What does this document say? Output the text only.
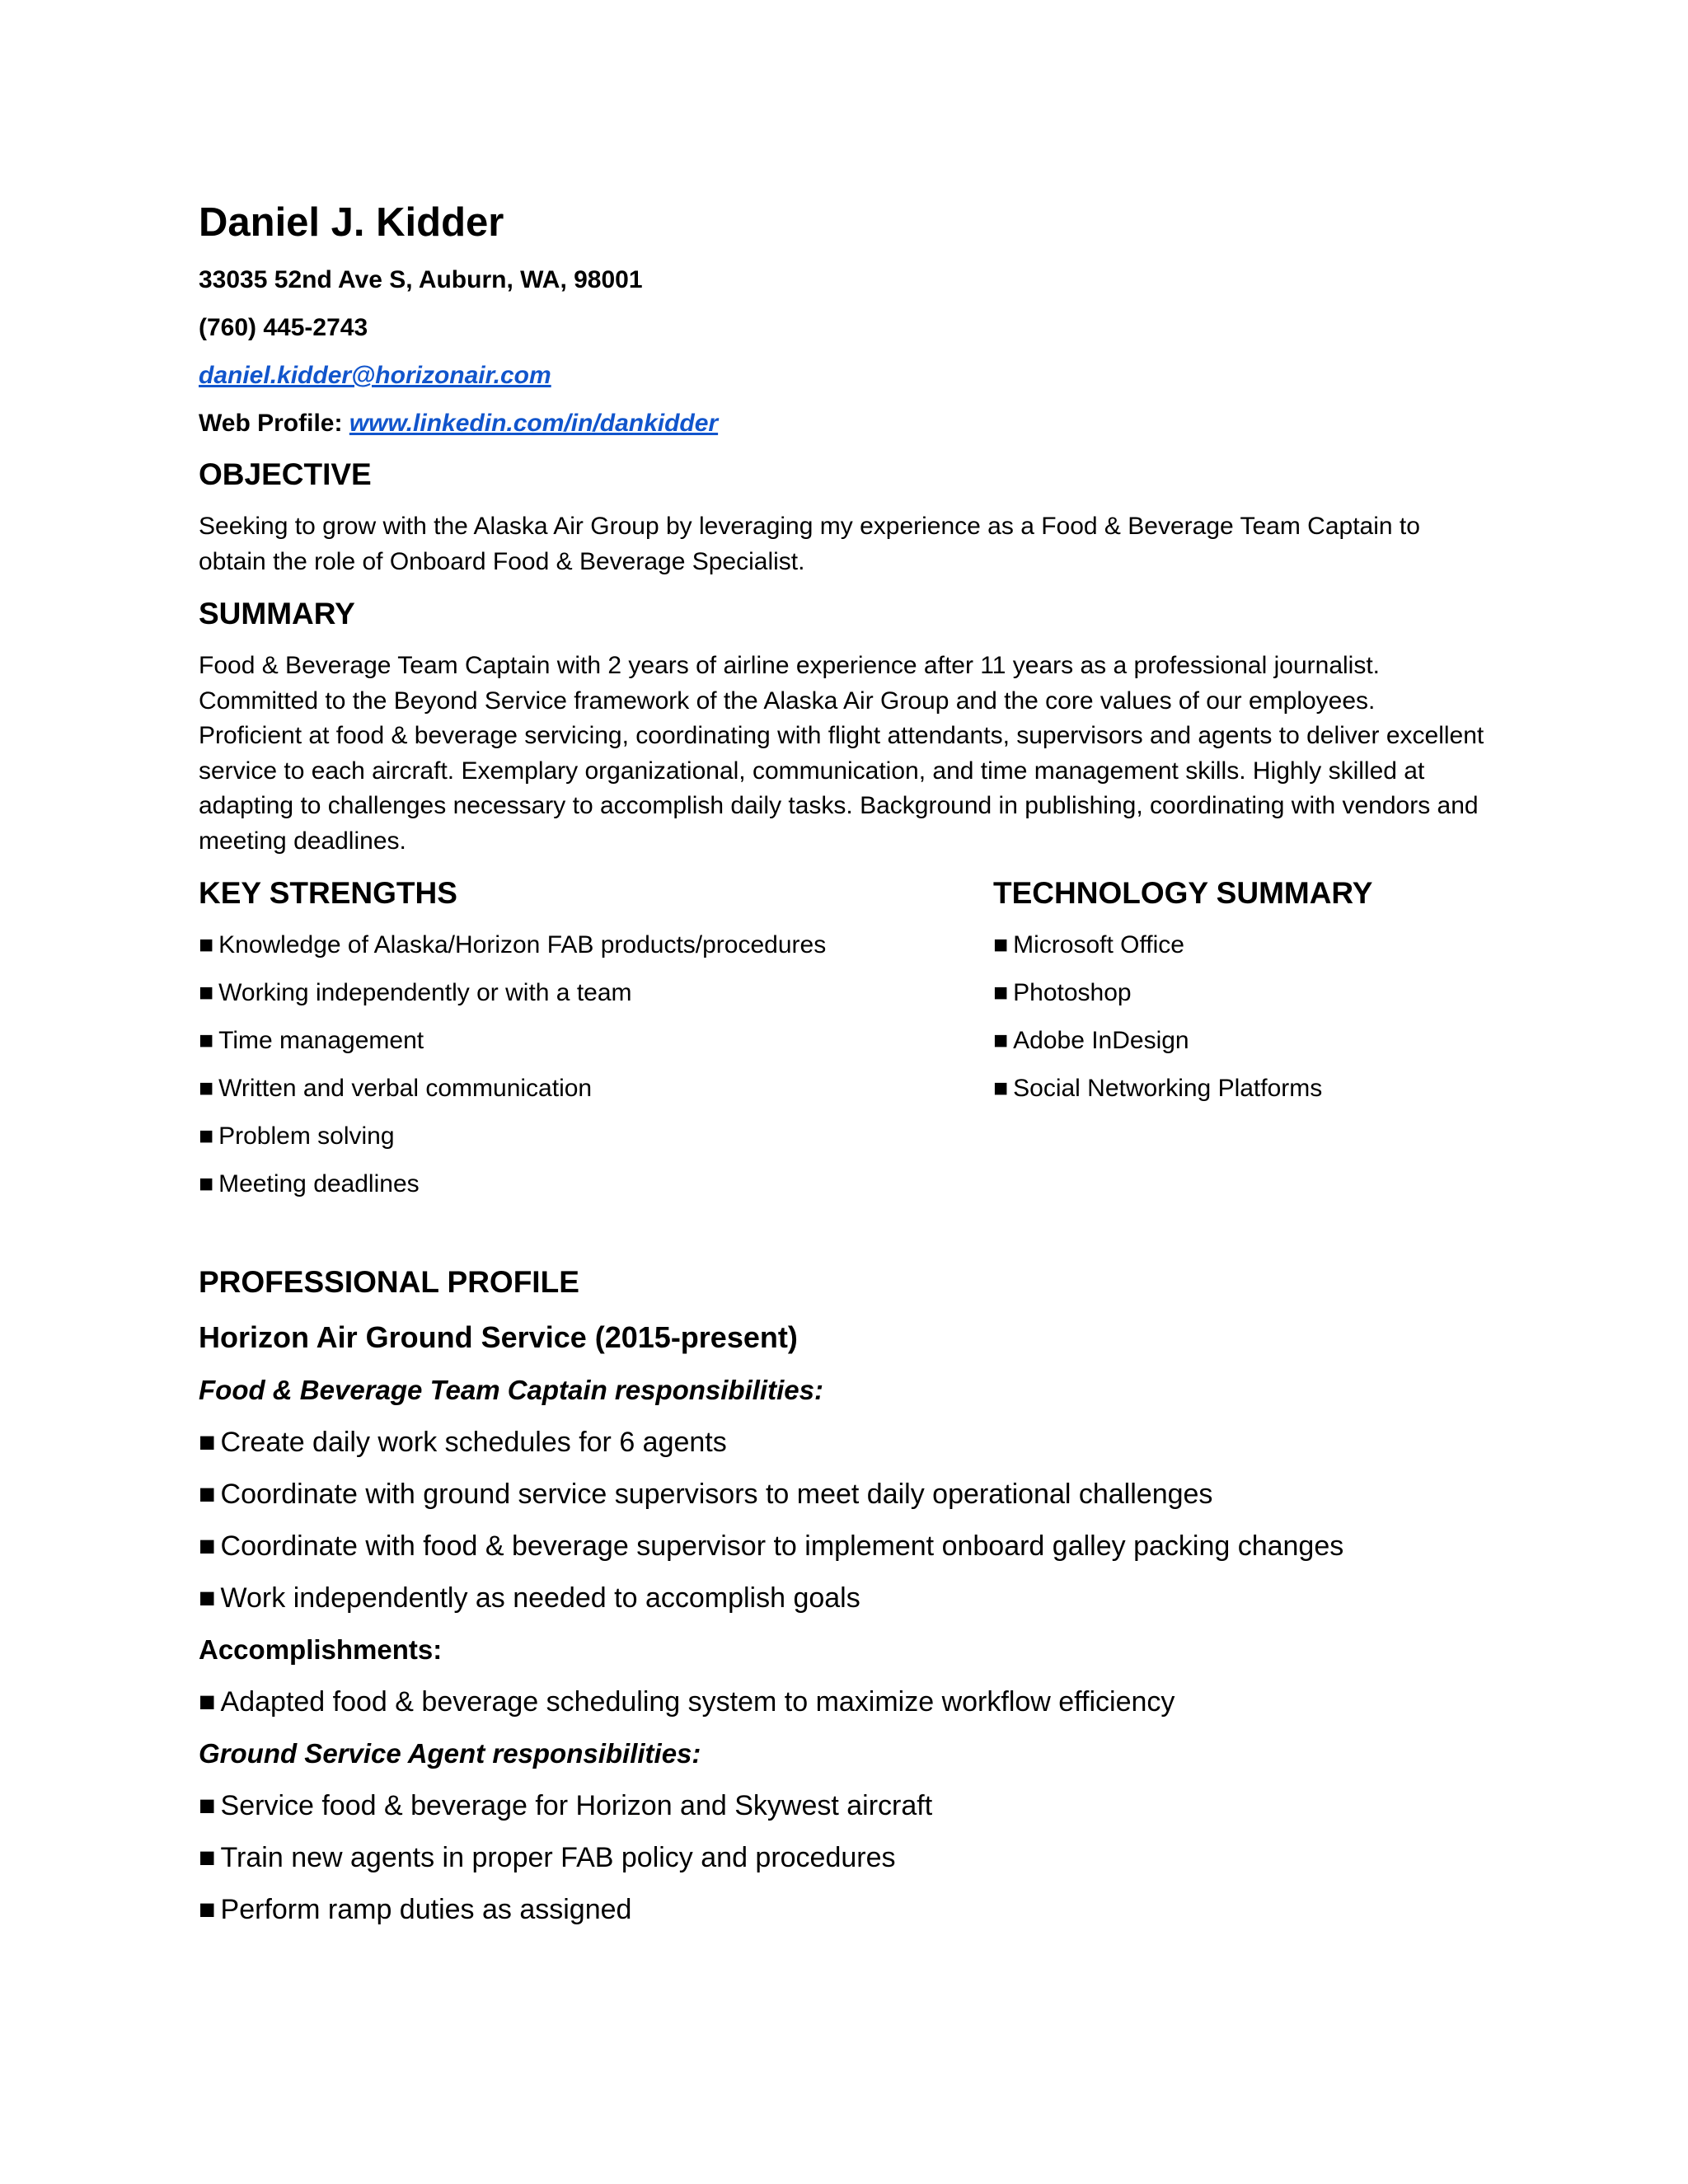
Daniel J. Kidder
33035 52nd Ave S, Auburn, WA, 98001
(760) 445-2743
daniel.kidder@horizonair.com
Web Profile: www.linkedin.com/in/dankidder
OBJECTIVE
Seeking to grow with the Alaska Air Group by leveraging my experience as a Food & Beverage Team Captain to
obtain the role of Onboard Food & Beverage Specialist.
SUMMARY
Food & Beverage Team Captain with 2 years of airline experience after 11 years as a professional journalist.
Committed to the Beyond Service framework of the Alaska Air Group and the core values of our employees.
Proficient at food & beverage servicing, coordinating with flight attendants, supervisors and agents to deliver excellent
service to each aircraft. Exemplary organizational, communication, and time management skills. Highly skilled at
adapting to challenges necessary to accomplish daily tasks. Background in publishing, coordinating with vendors and
meeting deadlines.
KEY STRENGTHS
■ Knowledge of Alaska/Horizon FAB products/procedures
■ Working independently or with a team
■ Time management
■ Written and verbal communication
■ Problem solving
■ Meeting deadlines
TECHNOLOGY SUMMARY
■ Microsoft Office
■ Photoshop
■ Adobe InDesign
■ Social Networking Platforms
PROFESSIONAL PROFILE
Horizon Air Ground Service (2015-present)
Food & Beverage Team Captain responsibilities:
■ Create daily work schedules for 6 agents
■ Coordinate with ground service supervisors to meet daily operational challenges
■ Coordinate with food & beverage supervisor to implement onboard galley packing changes
■ Work independently as needed to accomplish goals
Accomplishments:
■ Adapted food & beverage scheduling system to maximize workflow efficiency
Ground Service Agent responsibilities:
■ Service food & beverage for Horizon and Skywest aircraft
■ Train new agents in proper FAB policy and procedures
■ Perform ramp duties as assigned
